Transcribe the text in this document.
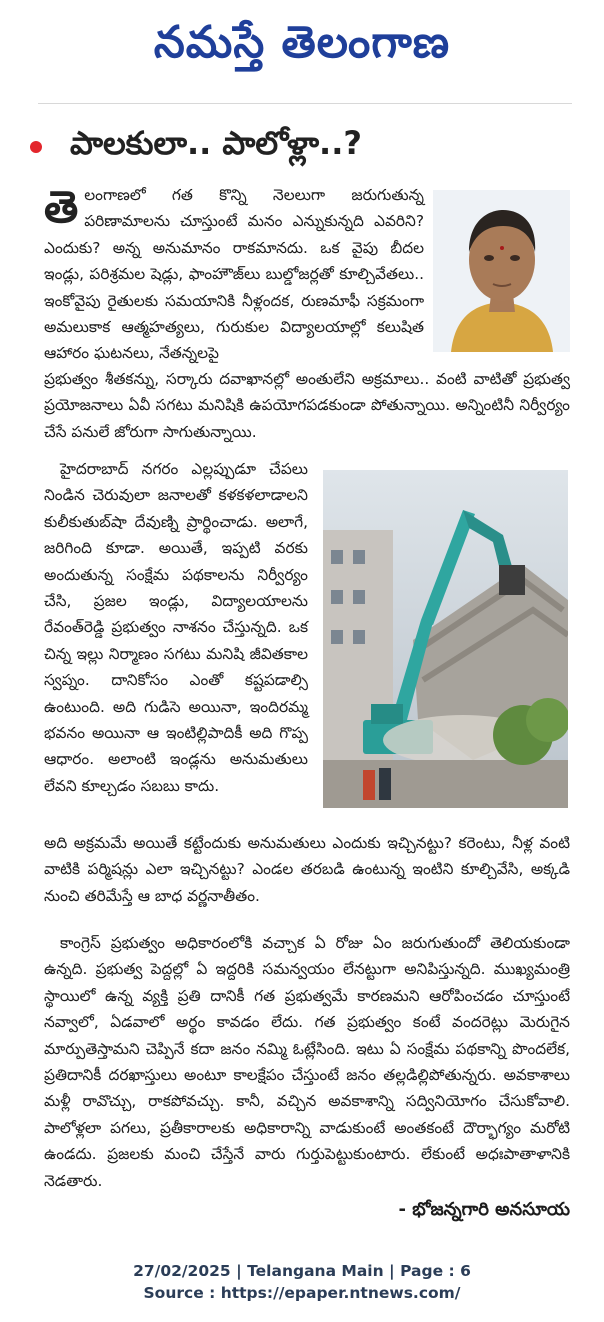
నమస్తే తెలంగాణ
పాలకులా.. పాలోళ్లా..?
తెలంగాణలో గత కొన్ని నెలలుగా జరుగుతున్న పరిణామాలను చూస్తుంటే మనం ఎన్నుకున్నది ఎవరిని? ఎందుకు? అన్న అనుమానం రాకమానదు. ఒక వైపు బీదల ఇండ్లు, పరిశ్రమల షెడ్లు, ఫాంహౌజ్‌లు బుల్డోజర్లతో కూల్చివేతలు.. ఇంకోవైపు రైతులకు సమయానికి నీళ్లందక, రుణమాఫీ సక్రమంగా అమలుకాక ఆత్మహత్యలు, గురుకుల విద్యాలయాల్లో కలుషిత ఆహారం ఘటనలు, నేతన్నలపై
ప్రభుత్వం శీతకన్ను, సర్కారు దవాఖానల్లో అంతులేని అక్రమాలు.. వంటి వాటితో ప్రభుత్వ ప్రయోజనాలు ఏవీ సగటు మనిషికి ఉపయోగపడకుండా పోతున్నాయి. అన్నింటినీ నిర్వీర్యం చేసే పనులే జోరుగా సాగుతున్నాయి.
హైదరాబాద్ నగరం ఎల్లప్పుడూ చేపలు నిండిన చెరువులా జనాలతో కళకళలాడాలని కులీకుతుబ్‌షా దేవుణ్ని ప్రార్థించాడు. అలాగే, జరిగింది కూడా. అయితే, ఇప్పటి వరకు అందుతున్న సంక్షేమ పథకాలను నిర్వీర్యం చేసి, ప్రజల ఇండ్లు, విద్యాలయాలను రేవంత్‌రెడ్డి ప్రభుత్వం నాశనం చేస్తున్నది. ఒక చిన్న ఇల్లు నిర్మాణం సగటు మనిషి జీవితకాల స్వప్నం. దానికోసం ఎంతో కష్టపడాల్సి ఉంటుంది. అది గుడిసె అయినా, ఇందిరమ్మ భవనం అయినా ఆ ఇంటిల్లిపాదికీ అది గొప్ప ఆధారం. అలాంటి ఇండ్లను అనుమతులు లేవని కూల్చడం సబబు కాదు.
అది అక్రమమే అయితే కట్టేందుకు అనుమతులు ఎందుకు ఇచ్చినట్టు? కరెంటు, నీళ్ల వంటి వాటికి పర్మిషన్లు ఎలా ఇచ్చినట్టు? ఎండల తరబడి ఉంటున్న ఇంటిని కూల్చివేసి, అక్కడి నుంచి తరిమేస్తే ఆ బాధ వర్ణనాతీతం.
కాంగ్రెస్ ప్రభుత్వం అధికారంలోకి వచ్చాక ఏ రోజు ఏం జరుగుతుందో తెలియకుండా ఉన్నది. ప్రభుత్వ పెద్దల్లో ఏ ఇద్దరికి సమన్వయం లేనట్టుగా అనిపిస్తున్నది. ముఖ్యమంత్రి స్థాయిలో ఉన్న వ్యక్తి ప్రతి దానికీ గత ప్రభుత్వమే కారణమని ఆరోపించడం చూస్తుంటే నవ్వాలో, ఏడవాలో అర్థం కావడం లేదు. గత ప్రభుత్వం కంటే వందరెట్లు మెరుగైన మార్పుతెస్తామని చెప్పినే కదా జనం నమ్మి ఓట్లేసింది. ఇటు ఏ సంక్షేమ పథకాన్ని పొందలేక, ప్రతిదానికీ దరఖాస్తులు అంటూ కాలక్షేపం చేస్తుంటే జనం తల్లడిల్లిపోతున్నరు. అవకాశాలు మళ్లీ రావొచ్చు, రాకపోవచ్చు. కానీ, వచ్చిన అవకాశాన్ని సద్వినియోగం చేసుకోవాలి. పాలోళ్లలా పగలు, ప్రతీకారాలకు అధికారాన్ని వాడుకుంటే అంతకంటే దౌర్భాగ్యం మరోటి ఉండదు. ప్రజలకు మంచి చేస్తేనే వారు గుర్తుపెట్టుకుంటారు. లేకుంటే అధఃపాతాళానికి నెడతారు.
- భోజన్నగారి అనసూయ
27/02/2025 | Telangana Main | Page : 6
Source : https://epaper.ntnews.com/
